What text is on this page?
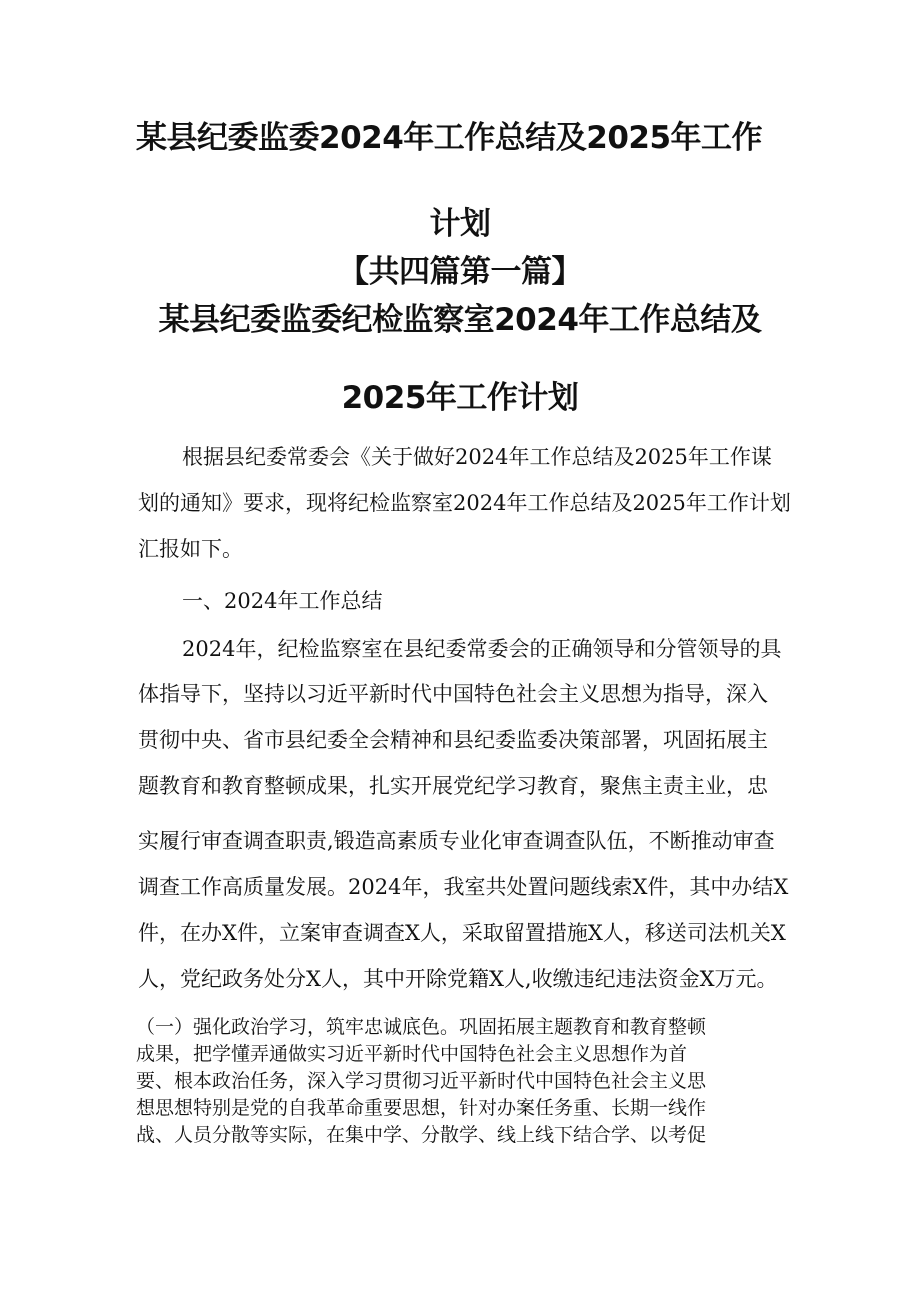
某县纪委监委2024年工作总结及2025年工作
计划
【共四篇第一篇】
某县纪委监委纪检监察室2024年工作总结及
2025年工作计划

根据县纪委常委会《关于做好2024年工作总结及2025年工作谋

划的通知》要求，现将纪检监察室2024年工作总结及2025年工作计划

汇报如下。

一、2024年工作总结

2024年，纪检监察室在县纪委常委会的正确领导和分管领导的具

体指导下，坚持以习近平新时代中国特色社会主义思想为指导，深入

贯彻中央、省市县纪委全会精神和县纪委监委决策部署，巩固拓展主

题教育和教育整顿成果，扎实开展党纪学习教育，聚焦主责主业，忠

实履行审查调查职责,锻造高素质专业化审查调查队伍，不断推动审查

调查工作高质量发展。2024年，我室共处置问题线索X件，其中办结X

件，在办X件，立案审查调查X人，采取留置措施X人，移送司法机关X

人，党纪政务处分X人，其中开除党籍X人,收缴违纪违法资金X万元。

（一）强化政治学习，筑牢忠诚底色。巩固拓展主题教育和教育整顿
成果，把学懂弄通做实习近平新时代中国特色社会主义思想作为首
要、根本政治任务，深入学习贯彻习近平新时代中国特色社会主义思
想思想特别是党的自我革命重要思想，针对办案任务重、长期一线作
战、人员分散等实际，在集中学、分散学、线上线下结合学、以考促
